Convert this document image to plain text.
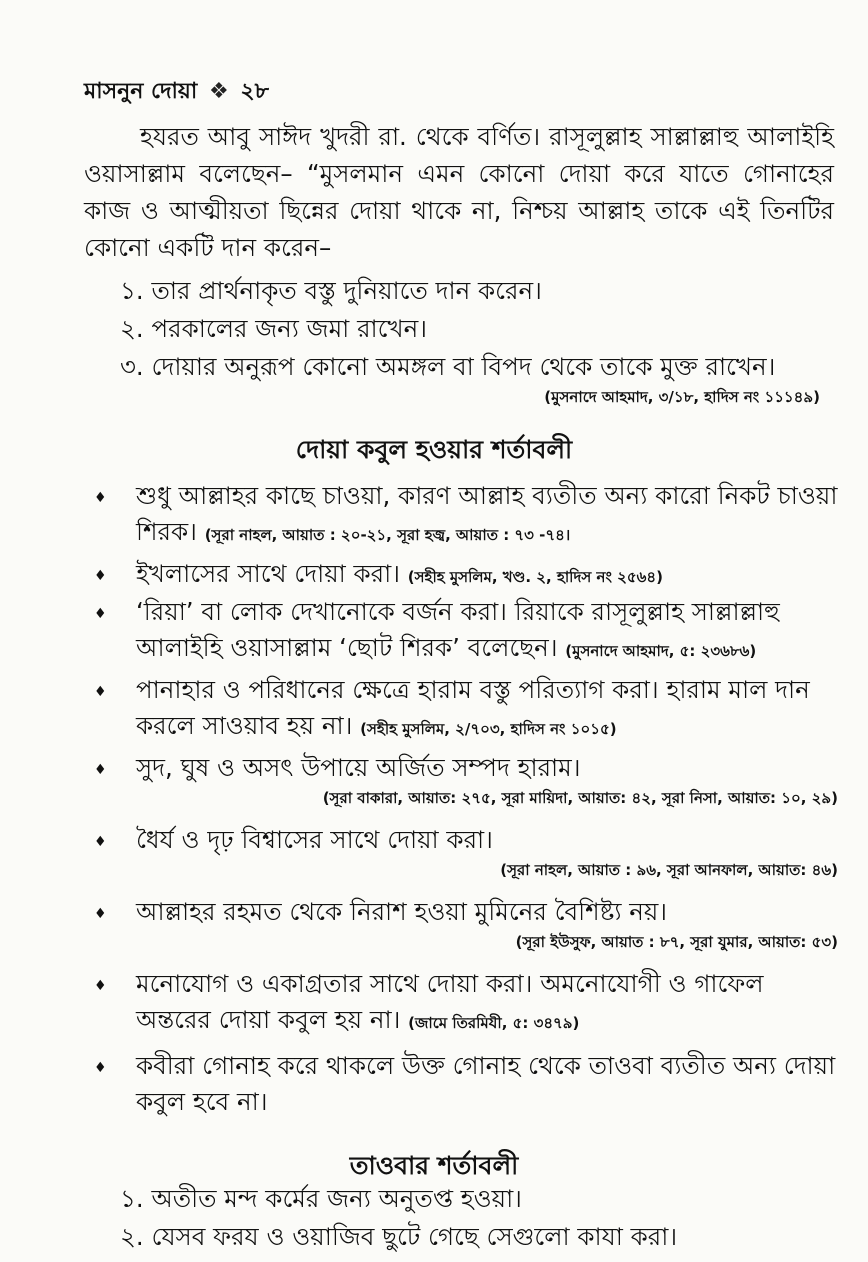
মাসনুন দোয়া ❖ ২৮

হযরত আবু সাঈদ খুদরী রা. থেকে বর্ণিত। রাসূলুল্লাহ সাল্লাল্লাহু আলাইহি ওয়াসাল্লাম বলেছেন– “মুসলমান এমন কোনো দোয়া করে যাতে গোনাহের কাজ ও আত্মীয়তা ছিন্নের দোয়া থাকে না, নিশ্চয় আল্লাহ তাকে এই তিনটির কোনো একটি দান করেন–

১. তার প্রার্থনাকৃত বস্তু দুনিয়াতে দান করেন।
২. পরকালের জন্য জমা রাখেন।
৩. দোয়ার অনুরূপ কোনো অমঙ্গল বা বিপদ থেকে তাকে মুক্ত রাখেন।
(মুসনাদে আহমাদ, ৩/১৮, হাদিস নং ১১১৪৯)
দোয়া কবুল হওয়ার শর্তাবলী
♦ শুধু আল্লাহর কাছে চাওয়া, কারণ আল্লাহ ব্যতীত অন্য কারো নিকট চাওয়া শিরক। (সূরা নাহল, আয়াত : ২০-২১, সূরা হজ্ব, আয়াত : ৭৩ -৭৪।
♦ ইখলাসের সাথে দোয়া করা। (সহীহ মুসলিম, খণ্ড. ২, হাদিস নং ২৫৬৪)
♦ ‘রিয়া’ বা লোক দেখানোকে বর্জন করা। রিয়াকে রাসূলুল্লাহ সাল্লাল্লাহু আলাইহি ওয়াসাল্লাম ‘ছোট শিরক’ বলেছেন। (মুসনাদে আহমাদ, ৫: ২৩৬৮৬)
♦ পানাহার ও পরিধানের ক্ষেত্রে হারাম বস্তু পরিত্যাগ করা। হারাম মাল দান করলে সাওয়াব হয় না। (সহীহ মুসলিম, ২/৭০৩, হাদিস নং ১০১৫)
♦ সুদ, ঘুষ ও অসৎ উপায়ে অর্জিত সম্পদ হারাম।
(সূরা বাকারা, আয়াত: ২৭৫, সূরা মায়িদা, আয়াত: ৪২, সূরা নিসা, আয়াত: ১০, ২৯)
♦ ধৈর্য ও দৃঢ় বিশ্বাসের সাথে দোয়া করা।
(সূরা নাহল, আয়াত : ৯৬, সূরা আনফাল, আয়াত: ৪৬)
♦ আল্লাহর রহমত থেকে নিরাশ হওয়া মুমিনের বৈশিষ্ট্য নয়।
(সূরা ইউসুফ, আয়াত : ৮৭, সূরা যুমার, আয়াত: ৫৩)
♦ মনোযোগ ও একাগ্রতার সাথে দোয়া করা। অমনোযোগী ও গাফেল অন্তরের দোয়া কবুল হয় না। (জামে তিরমিযী, ৫: ৩৪৭৯)
♦ কবীরা গোনাহ করে থাকলে উক্ত গোনাহ থেকে তাওবা ব্যতীত অন্য দোয়া কবুল হবে না।
তাওবার শর্তাবলী
১. অতীত মন্দ কর্মের জন্য অনুতপ্ত হওয়া।
২. যেসব ফরয ও ওয়াজিব ছুটে গেছে সেগুলো কাযা করা।
